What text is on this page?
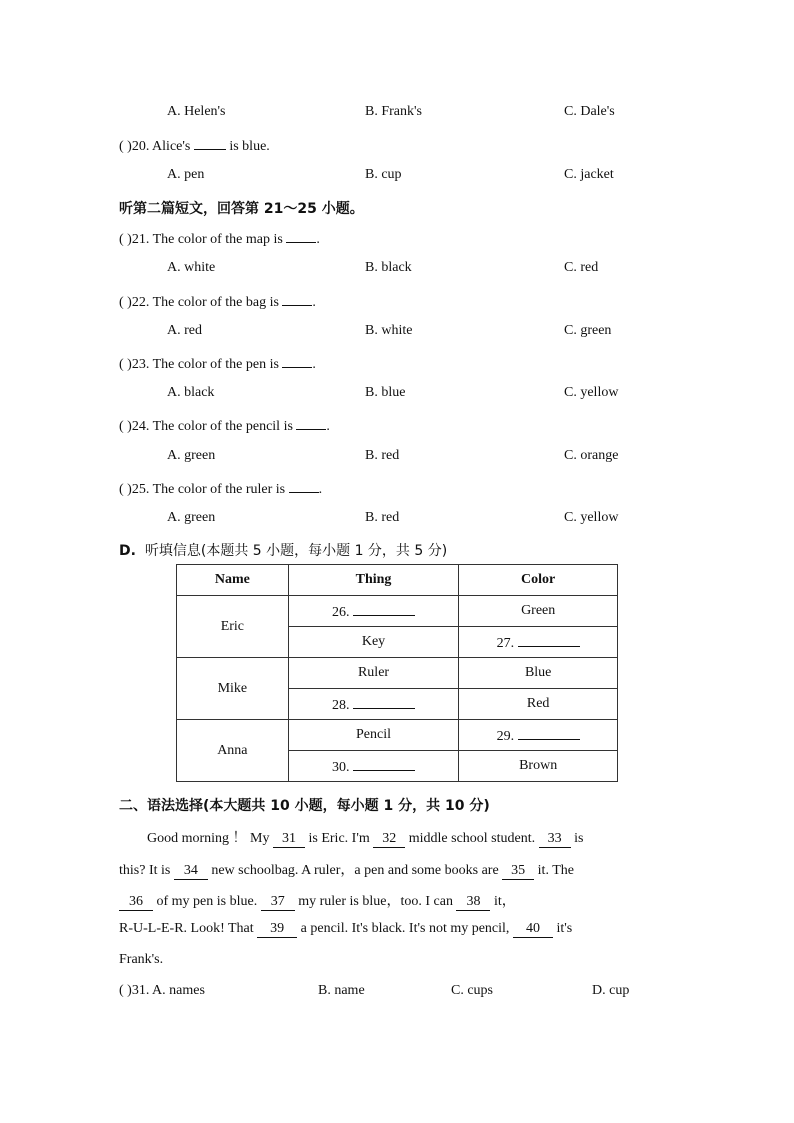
A. Helen's	B. Frank's	C. Dale's
( )20. Alice's	is blue.
A. pen	B. cup	C. jacket
听第二篇短文，回答第 21～25 小题。
( )21. The color of the map is .
A. white	B. black	C. red
( )22. The color of the bag is .
A. red	B. white	C. green
( )23. The color of the pen is .
A. black	B. blue	C. yellow
( )24. The color of the pencil is .
A. green	B. red	C. orange
( )25. The color of the ruler is .
A. green	B. red	C. yellow
D. 听填信息(本题共 5 小题，每小题 1 分，共 5 分)
Name	Thing	Color
Eric	26.	Green
	Key	27.
Mike	Ruler	Blue
	28.	Red
Anna	Pencil	29.
	30.	Brown
二、语法选择(本大题共 10 小题，每小题 1 分，共 10 分)
Good morning ！ My 31 is Eric. I'm 32 middle school student. 33 is
this? It is 34 new schoolbag. A ruler，a pen and some books are 35 it. The
36 of my pen is blue. 37 my ruler is blue，too. I can 38 it，
R-U-L-E-R. Look! That 39 a pencil. It's black. It's not my pencil, 40 it's
Frank's.
( )31. A. names	B. name	C. cups	D. cup
